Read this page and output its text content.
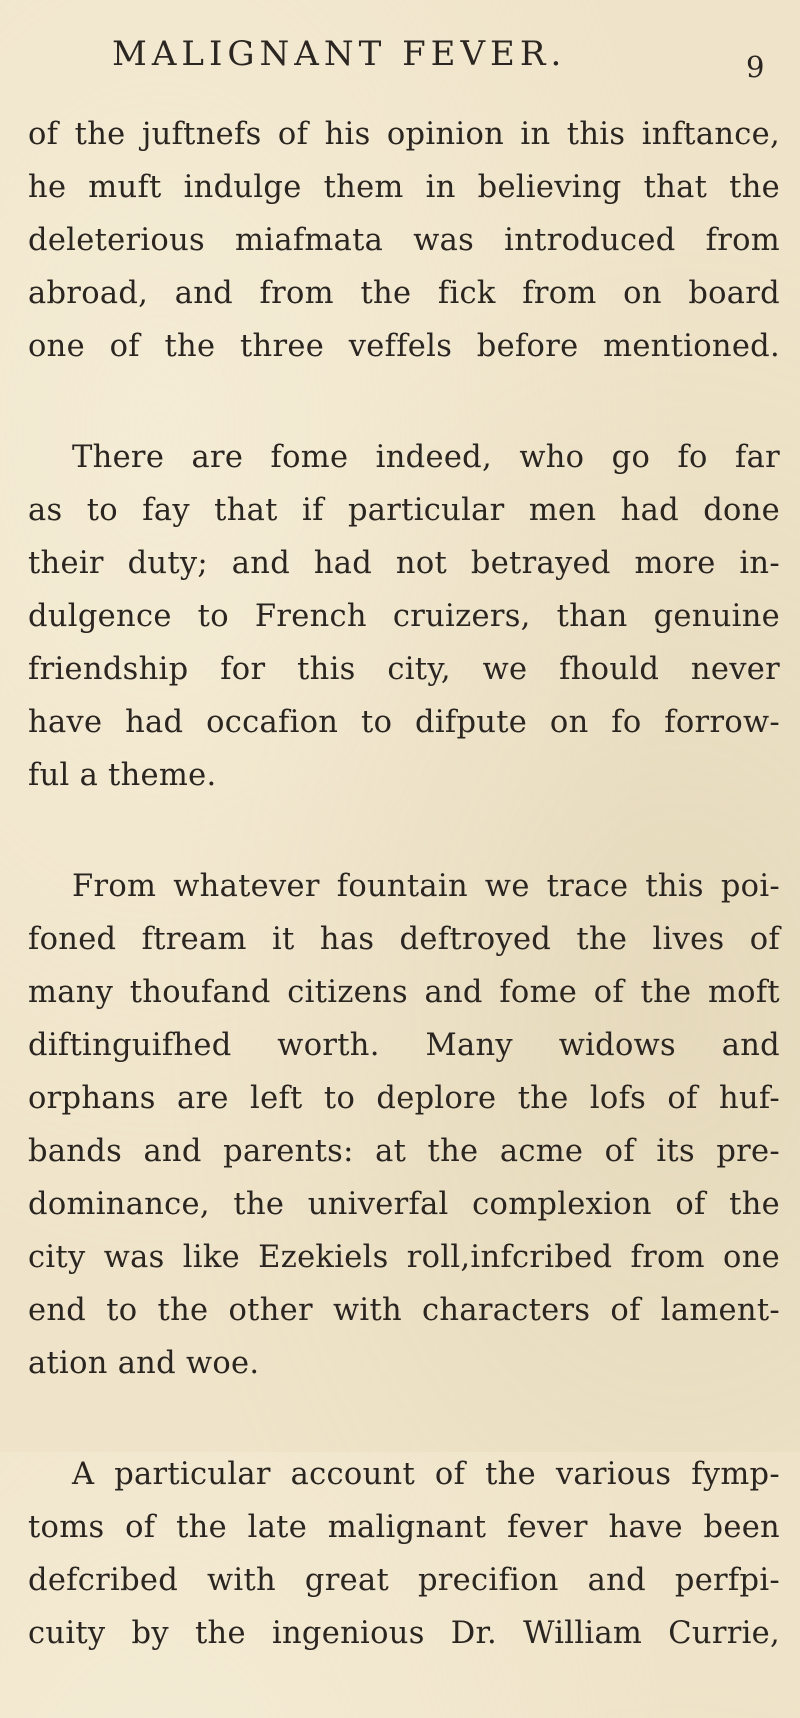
MALIGNANT FEVER.	9
of the juftnefs of his opinion in this inftance,
he muft indulge them in believing that the
deleterious miafmata was introduced from
abroad, and from the fick from on board
one of the three veffels before mentioned.
There are fome indeed, who go fo far
as to fay that if particular men had done
their duty; and had not betrayed more in-
dulgence to French cruizers, than genuine
friendship for this city, we fhould never
have had occafion to difpute on fo forrow-
ful a theme.
From whatever fountain we trace this poi-
foned ftream it has deftroyed the lives of
many thoufand citizens and fome of the moft
diftinguifhed worth. Many widows and
orphans are left to deplore the lofs of huf-
bands and parents: at the acme of its pre-
dominance, the univerfal complexion of the
city was like Ezekiels roll,infcribed from one
end to the other with characters of lament-
ation and woe.
A particular account of the various fymp-
toms of the late malignant fever have been
defcribed with great precifion and perfpi-
cuity by the ingenious Dr. William Currie,
